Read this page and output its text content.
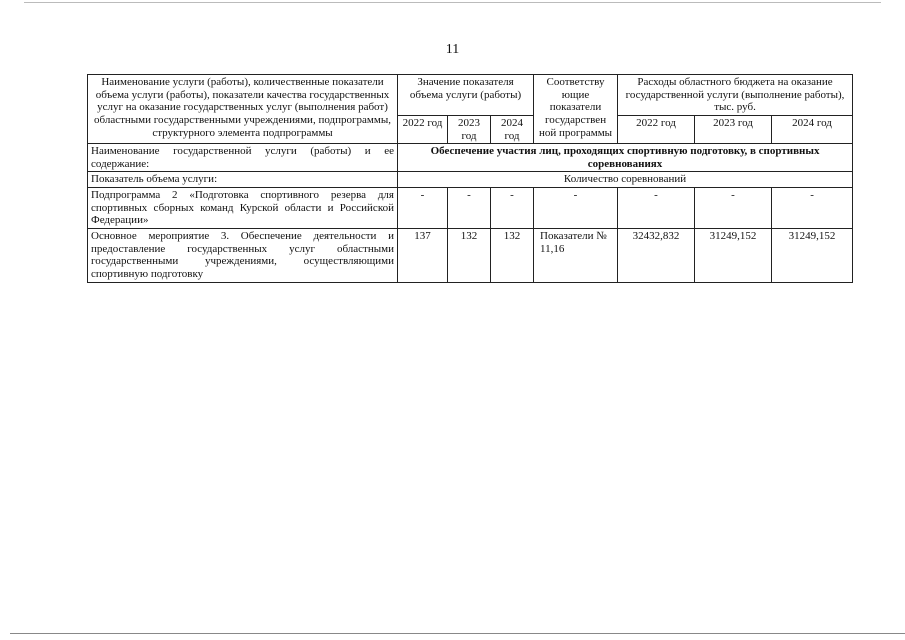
11
Наименование услуги (работы), количественные показатели объема услуги (работы), показатели качества государственных услуг на оказание государственных услуг (выполнения работ) областными государственными учреждениями, подпрограммы, структурного элемента подпрограммы	Значение показателя объема услуги (работы)			Соответству ющие показатели государствен ной программы	Расходы областного бюджета на оказание государственной услуги (выполнение работы), тыс. руб.		
	2022 год	2023 год	2024 год		2022 год	2023 год	2024 год
Наименование государственной услуги (работы) и ее содержание:	Обеспечение участия лиц, проходящих спортивную подготовку, в спортивных соревнованиях						
Показатель объема услуги:	Количество соревнований						
Подпрограмма 2 «Подготовка спортивного резерва для спортивных сборных команд Курской области и Российской Федерации»	-	-	-	-	-	-	-
Основное мероприятие 3. Обеспечение деятельности и предоставление государственных услуг областными государственными учреждениями, осуществляющими спортивную подготовку	137	132	132	Показатели № 11,16	32432,832	31249,152	31249,152
